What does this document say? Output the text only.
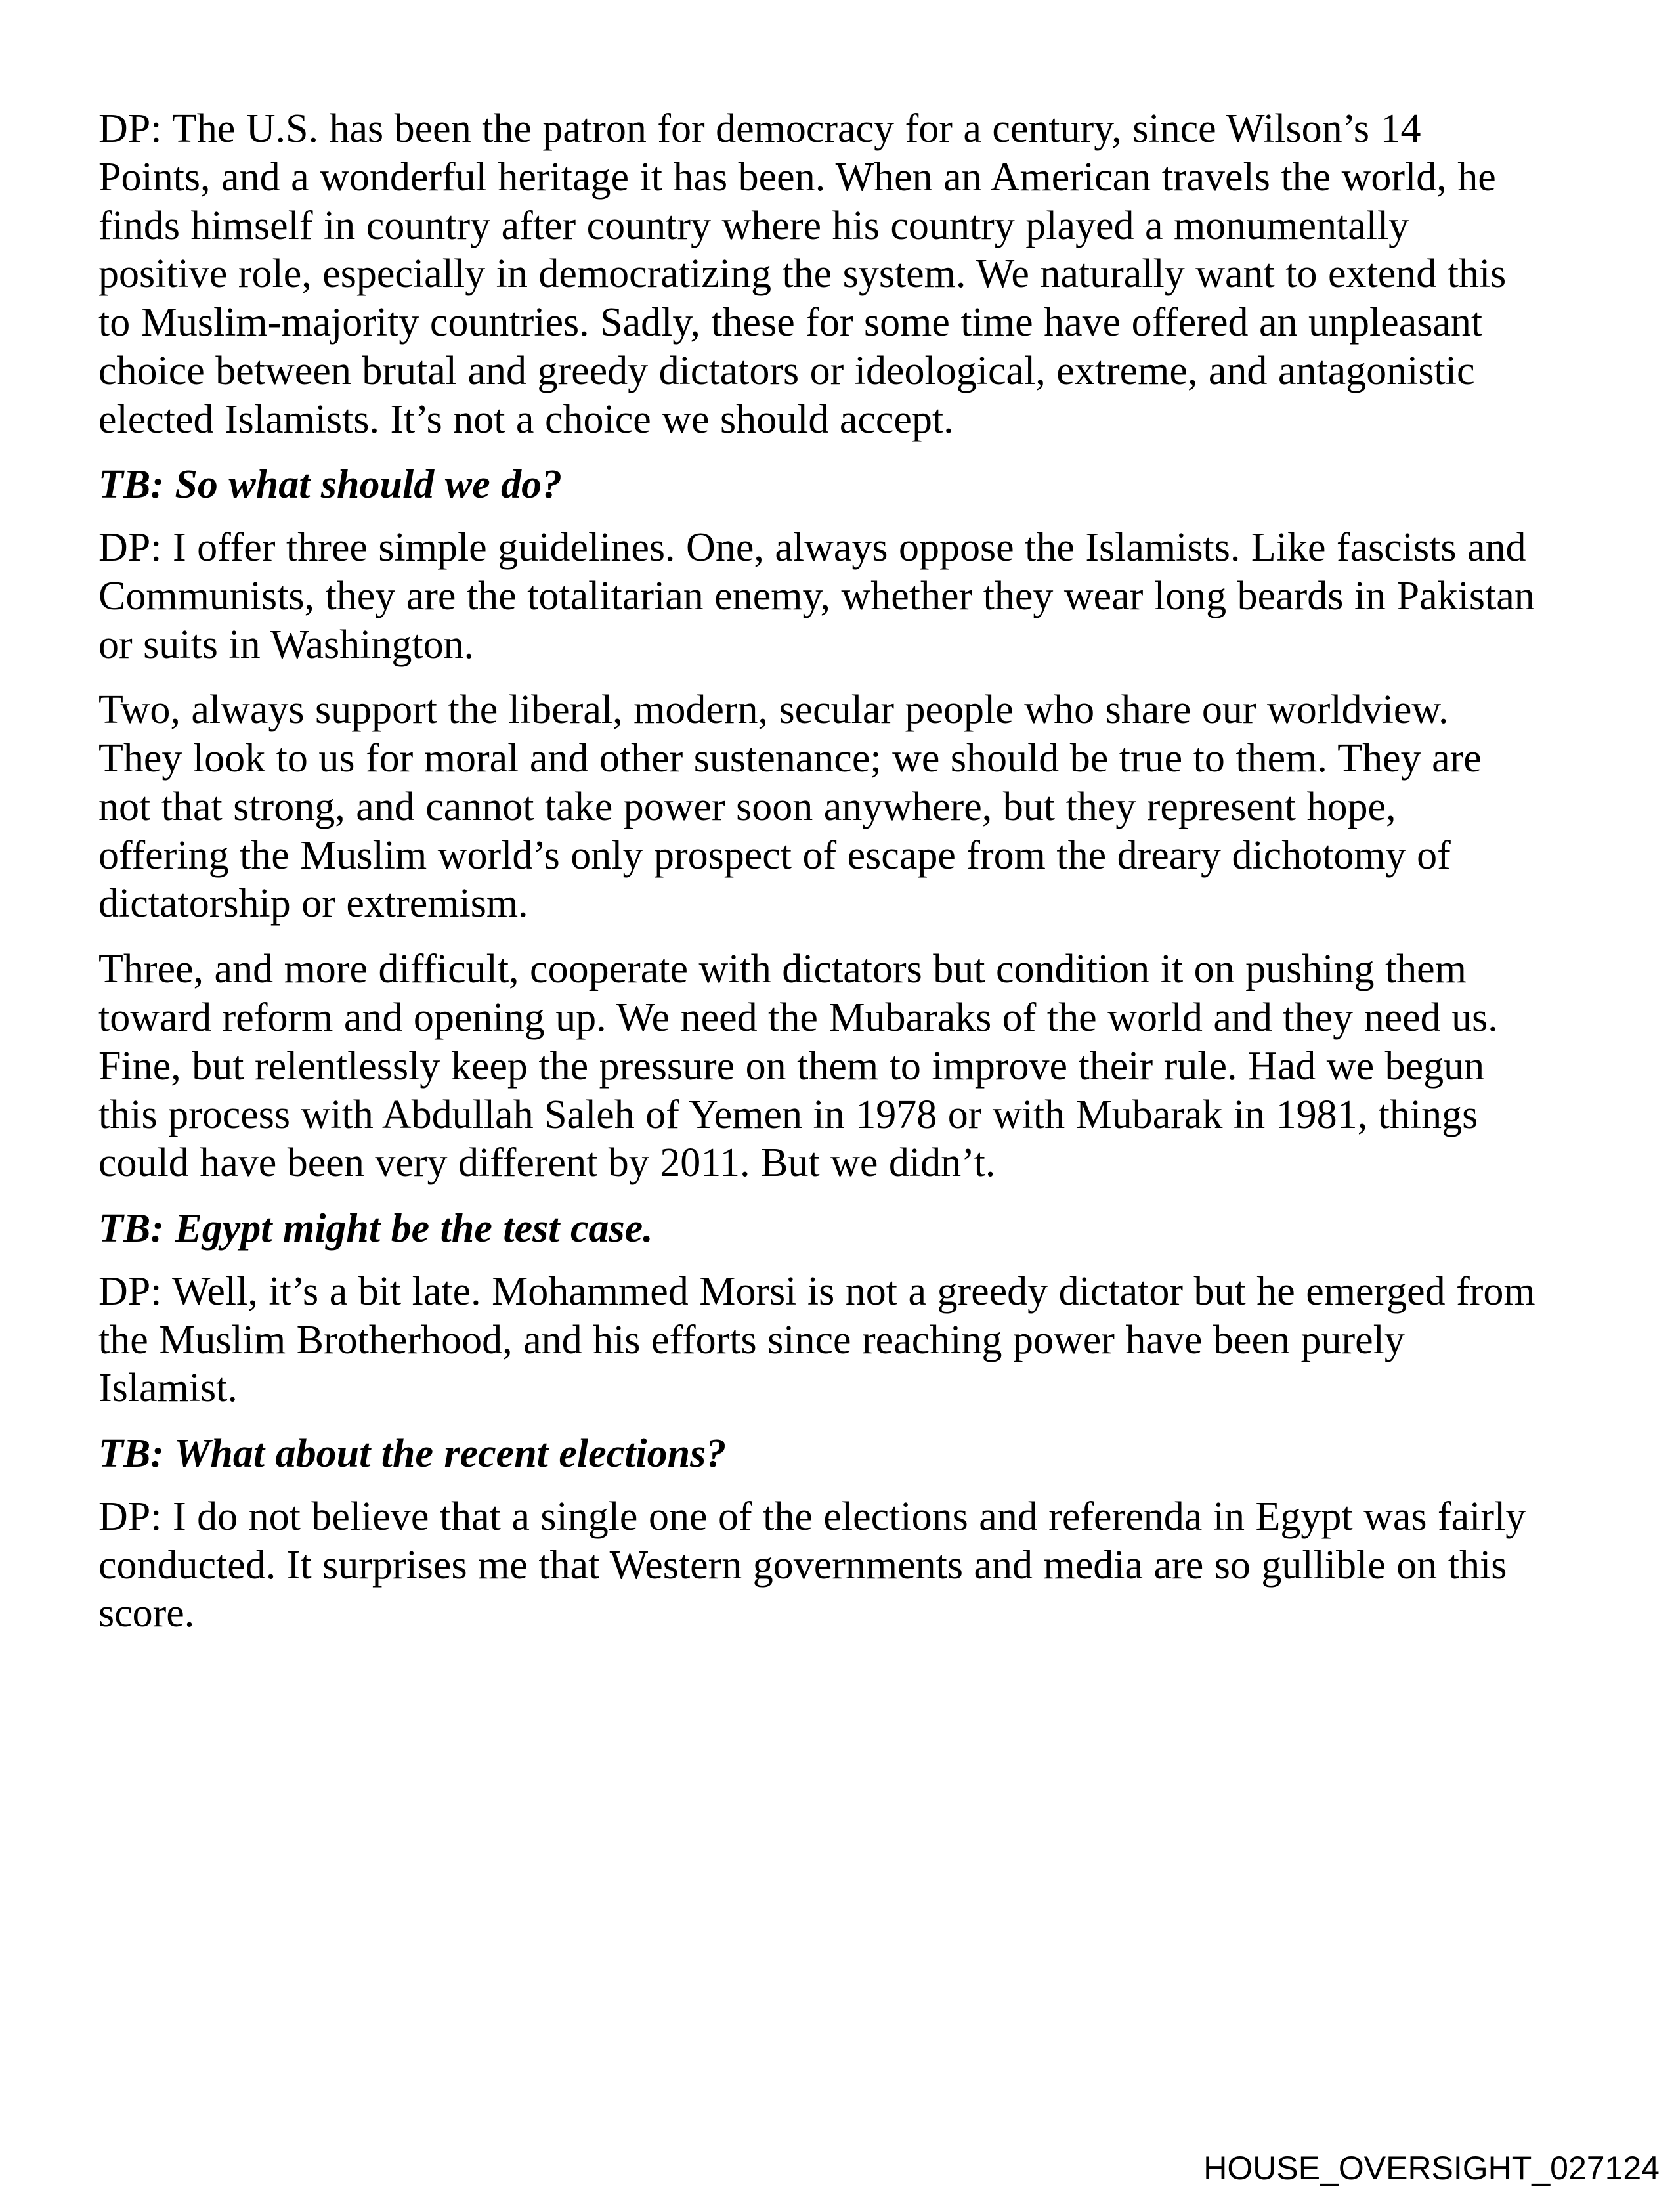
DP: The U.S. has been the patron for democracy for a century, since Wilson’s 14 Points, and a wonderful heritage it has been. When an American travels the world, he finds himself in country after country where his country played a monumentally positive role, especially in democratizing the system. We naturally want to extend this to Muslim-majority countries. Sadly, these for some time have offered an unpleasant choice between brutal and greedy dictators or ideological, extreme, and antagonistic elected Islamists. It’s not a choice we should accept.

TB: So what should we do?

DP: I offer three simple guidelines. One, always oppose the Islamists. Like fascists and Communists, they are the totalitarian enemy, whether they wear long beards in Pakistan or suits in Washington.

Two, always support the liberal, modern, secular people who share our worldview. They look to us for moral and other sustenance; we should be true to them. They are not that strong, and cannot take power soon anywhere, but they represent hope, offering the Muslim world’s only prospect of escape from the dreary dichotomy of dictatorship or extremism.

Three, and more difficult, cooperate with dictators but condition it on pushing them toward reform and opening up. We need the Mubaraks of the world and they need us. Fine, but relentlessly keep the pressure on them to improve their rule. Had we begun this process with Abdullah Saleh of Yemen in 1978 or with Mubarak in 1981, things could have been very different by 2011. But we didn’t.

TB: Egypt might be the test case.

DP: Well, it’s a bit late. Mohammed Morsi is not a greedy dictator but he emerged from the Muslim Brotherhood, and his efforts since reaching power have been purely Islamist.

TB: What about the recent elections?

DP: I do not believe that a single one of the elections and referenda in Egypt was fairly conducted. It surprises me that Western governments and media are so gullible on this score.

HOUSE_OVERSIGHT_027124
